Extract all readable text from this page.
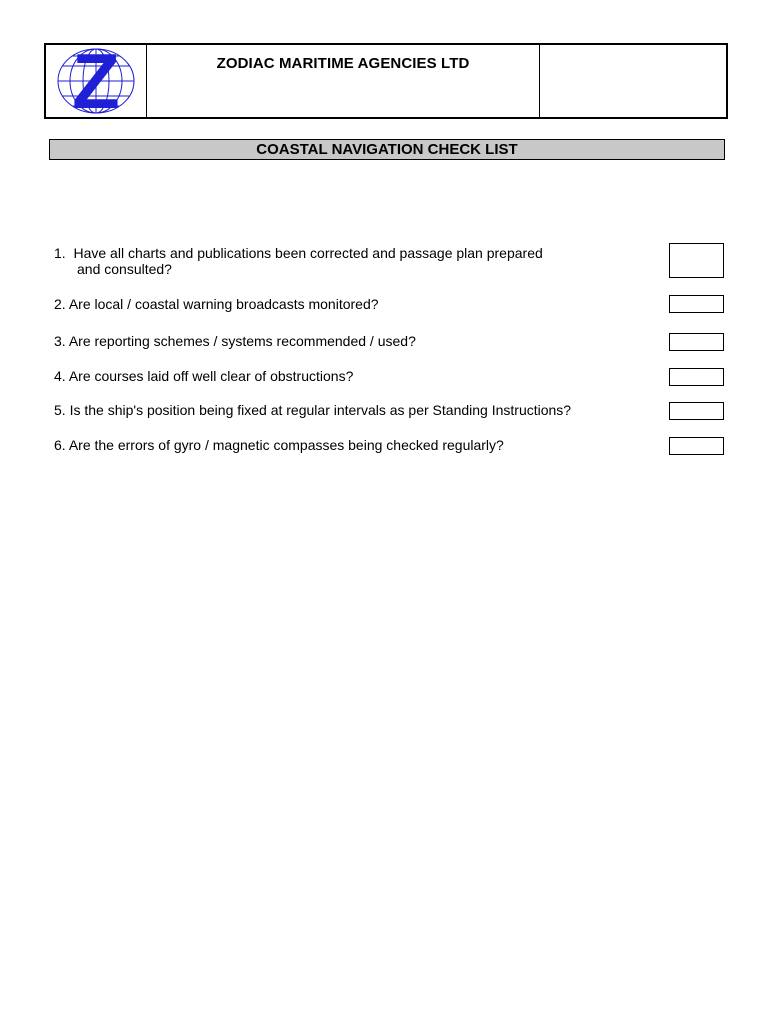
Z	ZODIAC MARITIME AGENCIES LTD
COASTAL NAVIGATION CHECK LIST
1. Have all charts and publications been corrected and passage plan prepared
and consulted?
2. Are local / coastal warning broadcasts monitored?
3. Are reporting schemes / systems recommended / used?
4. Are courses laid off well clear of obstructions?
5. Is the ship's position being fixed at regular intervals as per Standing Instructions?
6. Are the errors of gyro / magnetic compasses being checked regularly?
